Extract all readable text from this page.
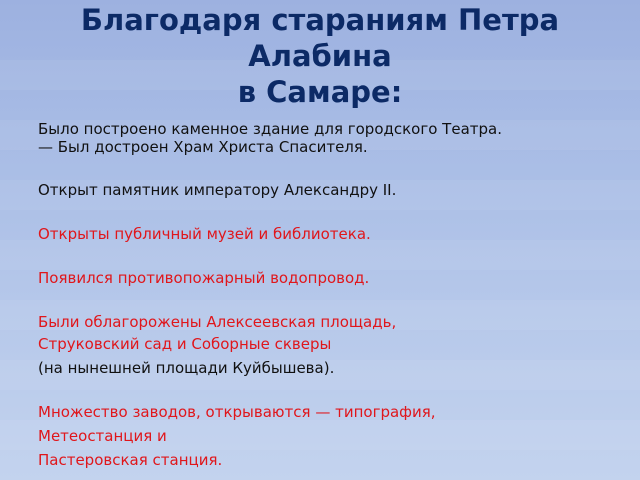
Благодаря стараниям Петра
Алабина
в Самаре:
Было построено каменное здание для городского Театра.
— Был достроен Храм Христа Спасителя.
Открыт памятник императору Александру II.
Открыты публичный музей и библиотека.
Появился противопожарный водопровод.
Были облагорожены Алексеевская площадь,
Струковский сад и Соборные скверы
(на нынешней площади Куйбышева).
Множество заводов, открываются — типография,
Метеостанция и
Пастеровская станция.
